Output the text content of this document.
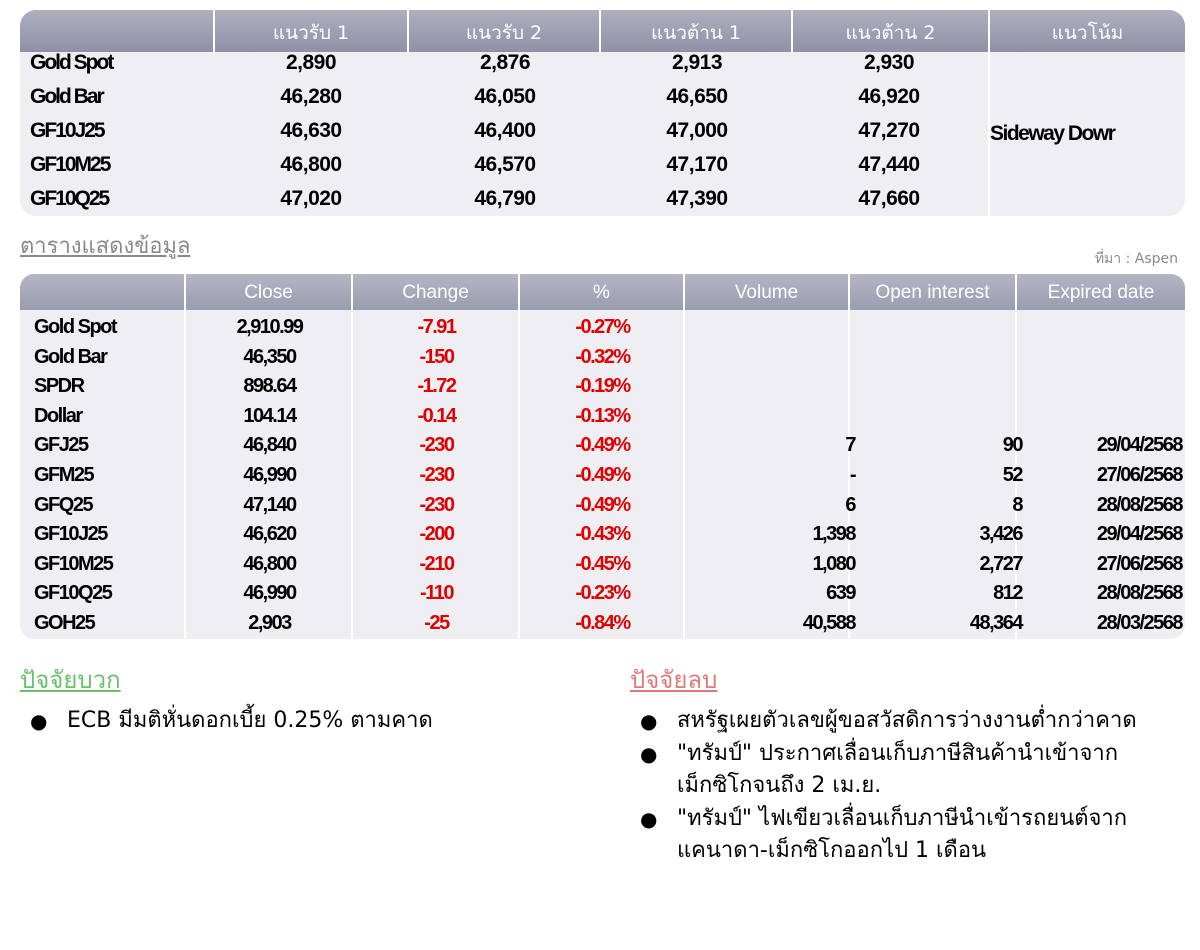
แนวรับ 1	แนวรับ 2	แนวต้าน 1	แนวต้าน 2	แนวโน้ม
Gold Spot	2,890	2,876	2,913	2,930
Gold Bar	46,280	46,050	46,650	46,920
GF10J25	46,630	46,400	47,000	47,270
GF10M25	46,800	46,570	47,170	47,440
GF10Q25	47,020	46,790	47,390	47,660
Sideway Dowr
ตารางแสดงข้อมูล	ที่มา : Aspen
Close	Change	%	Volume	Open interest	Expired date
Gold Spot	2,910.99	-7.91	-0.27%
Gold Bar	46,350	-150	-0.32%
SPDR	898.64	-1.72	-0.19%
Dollar	104.14	-0.14	-0.13%
GFJ25	46,840	-230	-0.49%	7	90	29/04/2568
GFM25	46,990	-230	-0.49%	-	52	27/06/2568
GFQ25	47,140	-230	-0.49%	6	8	28/08/2568
GF10J25	46,620	-200	-0.43%	1,398	3,426	29/04/2568
GF10M25	46,800	-210	-0.45%	1,080	2,727	27/06/2568
GF10Q25	46,990	-110	-0.23%	639	812	28/08/2568
GOH25	2,903	-25	-0.84%	40,588	48,364	28/03/2568
ปัจจัยบวก
● ECB มีมติหั่นดอกเบี้ย 0.25% ตามคาด
ปัจจัยลบ
● สหรัฐเผยตัวเลขผู้ขอสวัสดิการว่างงานต่ำกว่าคาด
● "ทรัมป์" ประกาศเลื่อนเก็บภาษีสินค้านำเข้าจากเม็กซิโกจนถึง 2 เม.ย.
● "ทรัมป์" ไฟเขียวเลื่อนเก็บภาษีนำเข้ารถยนต์จากแคนาดา-เม็กซิโกออกไป 1 เดือน
